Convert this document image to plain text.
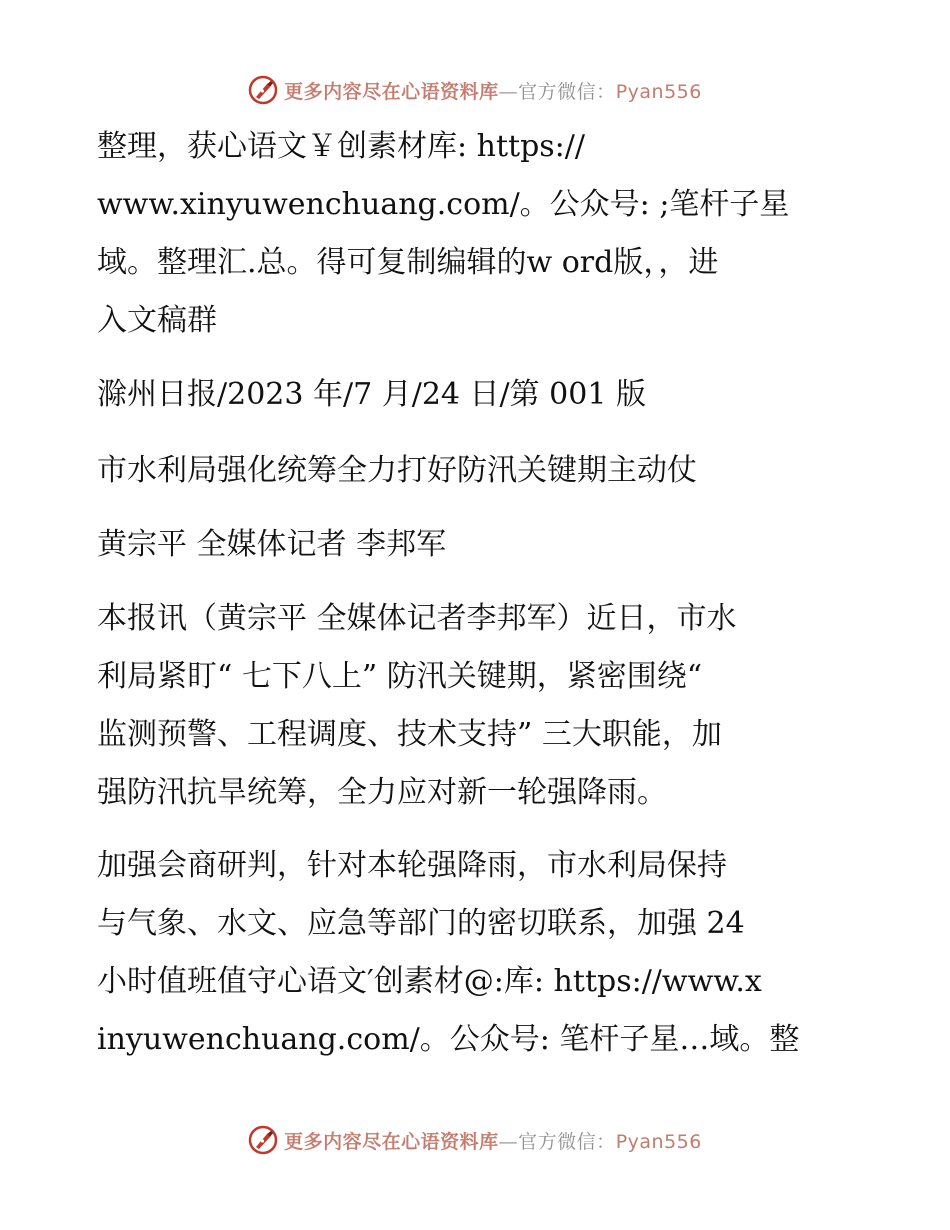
更多内容尽在心语资料库—官方微信：Pyan556
整理，获心语文￥创素材库: https://
www.xinyuwenchuang.com/。公众号: ;笔杆子星
域。整理汇.总。得可复制编辑的w ord版，，进
入文稿群
滁州日报/2023 年/7 月/24 日/第 001 版
市水利局强化统筹全力打好防汛关键期主动仗
黄宗平 全媒体记者 李邦军
本报讯（黄宗平 全媒体记者李邦军）近日，市水
利局紧盯“ 七下八上” 防汛关键期，紧密围绕“
监测预警、工程调度、技术支持” 三大职能，加
强防汛抗旱统筹，全力应对新一轮强降雨。
加强会商研判，针对本轮强降雨，市水利局保持
与气象、水文、应急等部门的密切联系，加强 24
小时值班值守心语文′创素材@:库: https://www.x
inyuwenchuang.com/。公众号: 笔杆子星…域。整
更多内容尽在心语资料库—官方微信：Pyan556
